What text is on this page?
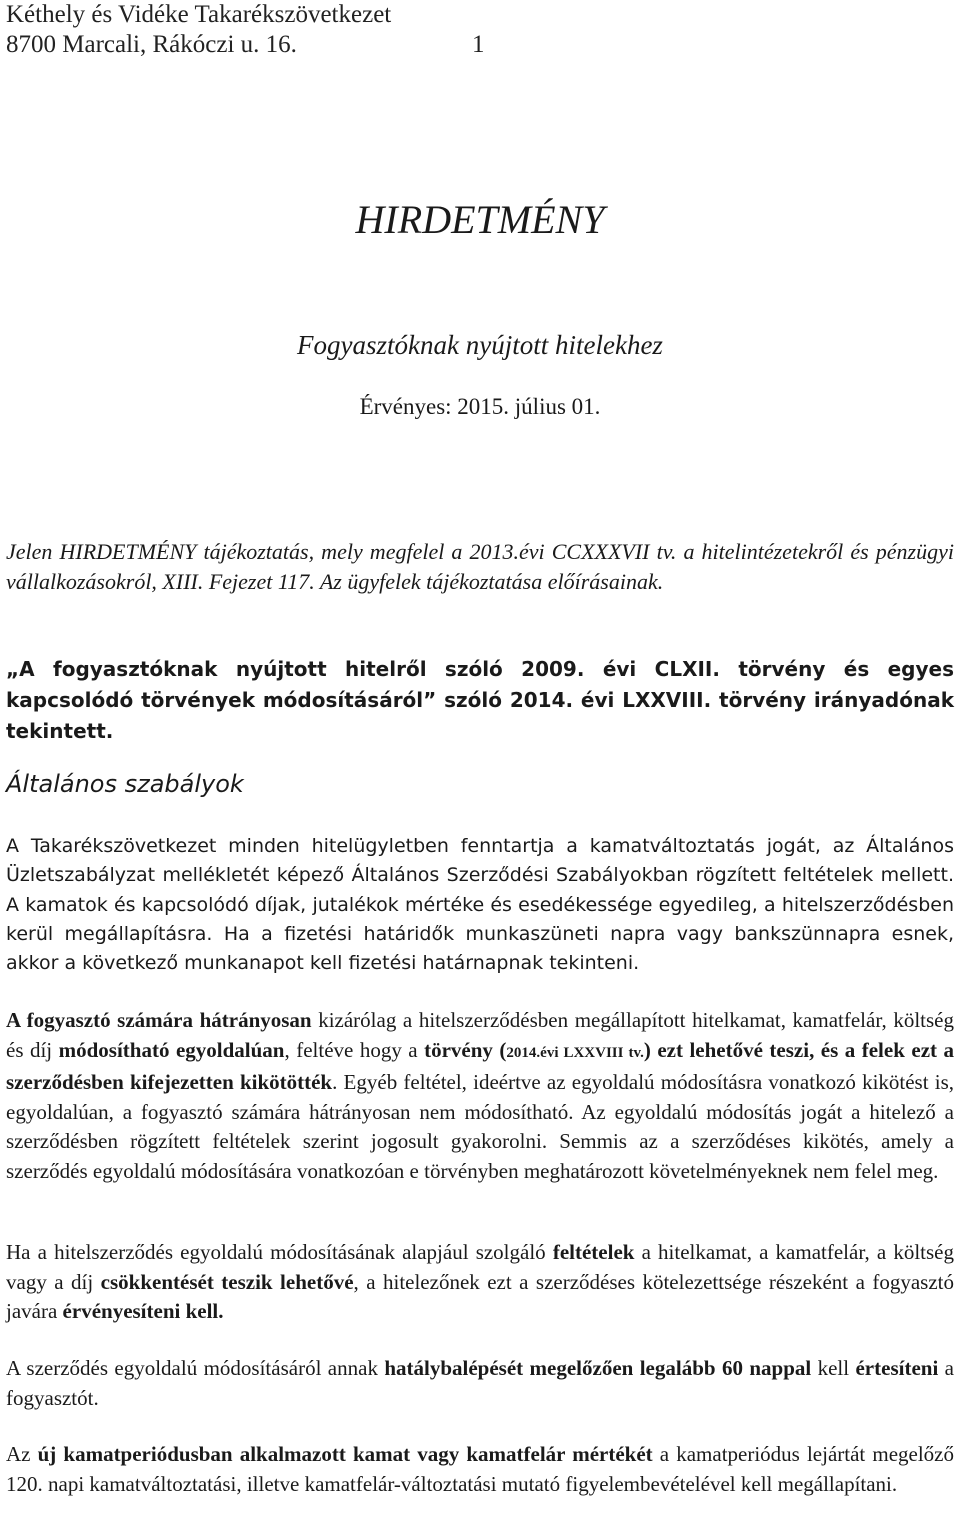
Kéthely és Vidéke Takarékszövetkezet
8700 Marcali, Rákóczi u. 16.	1
HIRDETMÉNY
Fogyasztóknak nyújtott hitelekhez
Érvényes: 2015. július 01.
Jelen HIRDETMÉNY tájékoztatás, mely megfelel a 2013.évi CCXXXVII tv. a hitelintézetekről és pénzügyi vállalkozásokról, XIII. Fejezet 117. Az ügyfelek tájékoztatása előírásainak.
„A fogyasztóknak nyújtott hitelről szóló 2009. évi CLXII. törvény és egyes kapcsolódó törvények módosításáról” szóló 2014. évi LXXVIII. törvény irányadónak tekintett.
Általános szabályok
A Takarékszövetkezet minden hitelügyletben fenntartja a kamatváltoztatás jogát, az Általános Üzletszabályzat mellékletét képező Általános Szerződési Szabályokban rögzített feltételek mellett. A kamatok és kapcsolódó díjak, jutalékok mértéke és esedékessége egyedileg, a hitelszerződésben kerül megállapításra. Ha a fizetési határidők munkaszüneti napra vagy bankszünnapra esnek, akkor a következő munkanapot kell fizetési határnapnak tekinteni.
A fogyasztó számára hátrányosan kizárólag a hitelszerződésben megállapított hitelkamat, kamatfelár, költség és díj módosítható egyoldalúan, feltéve hogy a törvény (2014.évi LXXVIII tv.) ezt lehetővé teszi, és a felek ezt a szerződésben kifejezetten kikötötték. Egyéb feltétel, ideértve az egyoldalú módosításra vonatkozó kikötést is, egyoldalúan, a fogyasztó számára hátrányosan nem módosítható. Az egyoldalú módosítás jogát a hitelező a szerződésben rögzített feltételek szerint jogosult gyakorolni. Semmis az a szerződéses kikötés, amely a szerződés egyoldalú módosítására vonatkozóan e törvényben meghatározott követelményeknek nem felel meg.
Ha a hitelszerződés egyoldalú módosításának alapjául szolgáló feltételek a hitelkamat, a kamatfelár, a költség vagy a díj csökkentését teszik lehetővé, a hitelezőnek ezt a szerződéses kötelezettsége részeként a fogyasztó javára érvényesíteni kell.
A szerződés egyoldalú módosításáról annak hatálybalépését megelőzően legalább 60 nappal kell értesíteni a fogyasztót.
Az új kamatperiódusban alkalmazott kamat vagy kamatfelár mértékét a kamatperiódus lejártát megelőző 120. napi kamatváltoztatási, illetve kamatfelár-változtatási mutató figyelembevételével kell megállapítani.
